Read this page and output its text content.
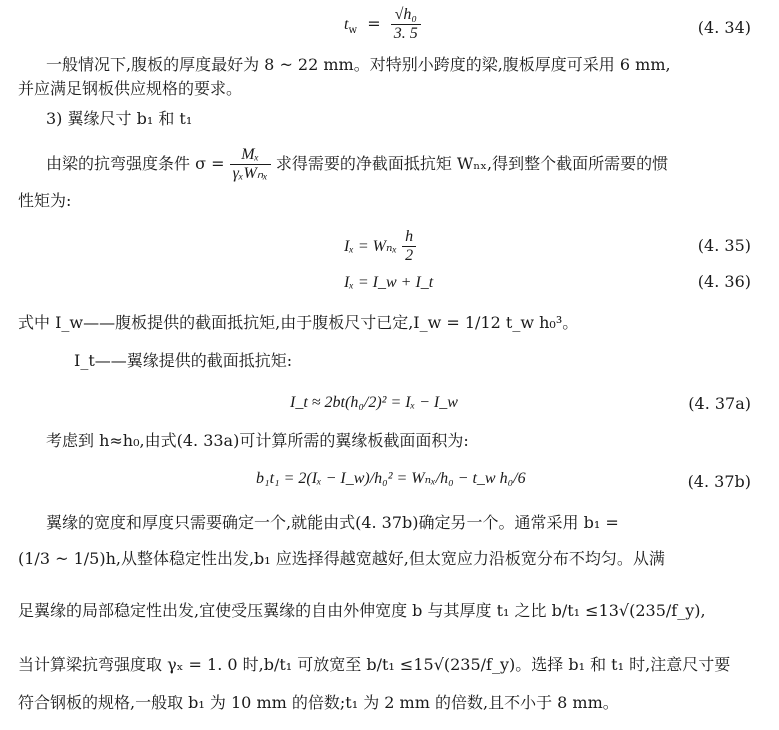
$t_w = \frac{\text{√h₀}}{3. 5}$	(4. 34)
一般情况下,腹板的厚度最好为 8 ~ 22 mm。对特别小跨度的梁,腹板厚度可采用 6 mm,
并应满足钢板供应规格的要求。
3) 翼缘尺寸 b₁ 和 t₁
由梁的抗弯强度条件 $\sigma = \frac{\text{Mₓ}}{\text{γₓWₙₓ}}$ 求得需要的净截面抵抗矩 Wₙₓ,得到整个截面所需要的惯
性矩为:
Iₓ = Wₙₓ $\frac{h}{2}$	(4. 35)
Iₓ = I_w + I_t	(4. 36)
式中 I_w——腹板提供的截面抵抗矩,由于腹板尺寸已定,I_w = 1/12 t_w h₀³。
I_t——翼缘提供的截面抵抗矩:
I_t ≈ 2bt(h₀/2)² = Iₓ − I_w	(4. 37a)
考虑到 h≈h₀,由式(4. 33a)可计算所需的翼缘板截面面积为:
b₁t₁ = 2(Iₓ − I_w)/h₀² = Wₙₓ/h₀ − t_w h₀/6	(4. 37b)
翼缘的宽度和厚度只需要确定一个,就能由式(4. 37b)确定另一个。通常采用 b₁ =
(1/3 ~ 1/5)h,从整体稳定性出发,b₁ 应选择得越宽越好,但太宽应力沿板宽分布不均匀。从满
足翼缘的局部稳定性出发,宜使受压翼缘的自由外伸宽度 b 与其厚度 t₁ 之比 b/t₁ ≤13√(235/f_y),
当计算梁抗弯强度取 γₓ = 1. 0 时,b/t₁ 可放宽至 b/t₁ ≤15√(235/f_y)。选择 b₁ 和 t₁ 时,注意尺寸要
符合钢板的规格,一般取 b₁ 为 10 mm 的倍数;t₁ 为 2 mm 的倍数,且不小于 8 mm。
